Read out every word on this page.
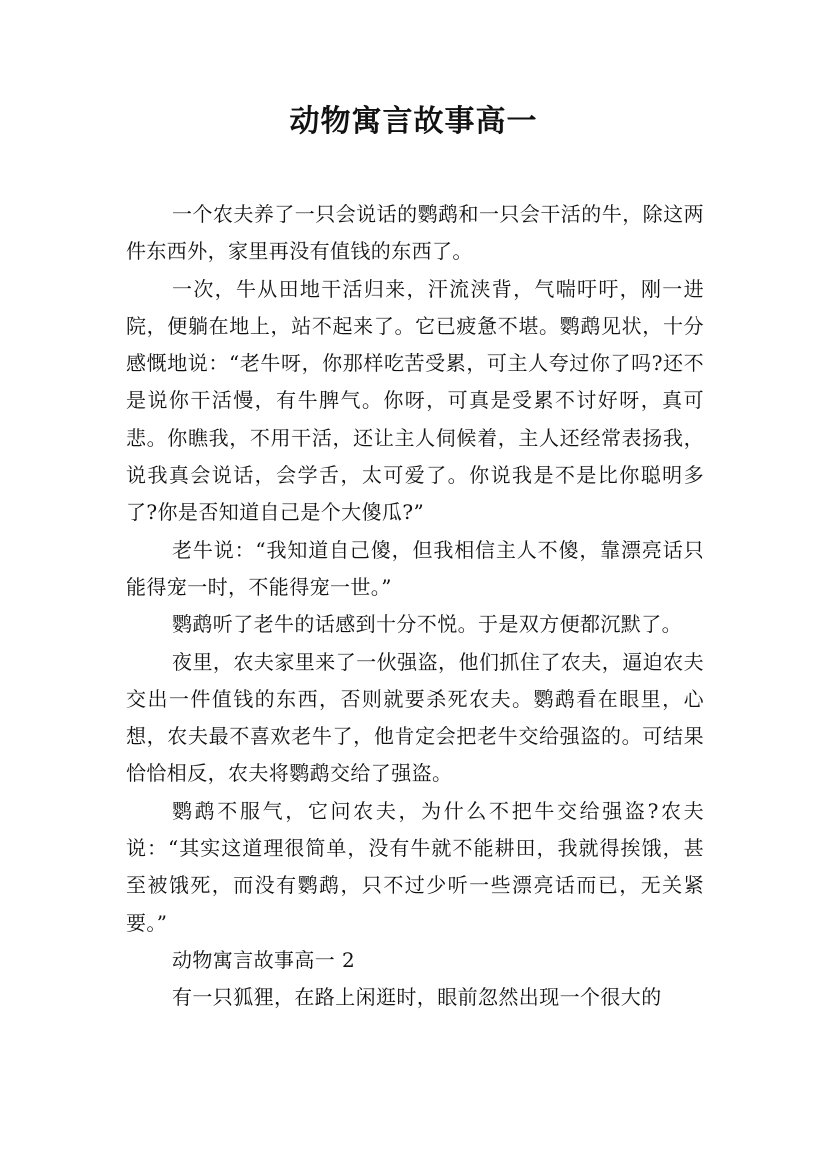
动物寓言故事高一

一个农夫养了一只会说话的鹦鹉和一只会干活的牛，除这两件东西外，家里再没有值钱的东西了。

一次，牛从田地干活归来，汗流浃背，气喘吁吁，刚一进院，便躺在地上，站不起来了。它已疲惫不堪。鹦鹉见状，十分感慨地说：“老牛呀，你那样吃苦受累，可主人夸过你了吗?还不是说你干活慢，有牛脾气。你呀，可真是受累不讨好呀，真可悲。你瞧我，不用干活，还让主人伺候着，主人还经常表扬我，说我真会说话，会学舌，太可爱了。你说我是不是比你聪明多了?你是否知道自己是个大傻瓜?”

老牛说：“我知道自己傻，但我相信主人不傻，靠漂亮话只能得宠一时，不能得宠一世。”

鹦鹉听了老牛的话感到十分不悦。于是双方便都沉默了。

夜里，农夫家里来了一伙强盗，他们抓住了农夫，逼迫农夫交出一件值钱的东西，否则就要杀死农夫。鹦鹉看在眼里，心想，农夫最不喜欢老牛了，他肯定会把老牛交给强盗的。可结果恰恰相反，农夫将鹦鹉交给了强盗。

鹦鹉不服气，它问农夫，为什么不把牛交给强盗?农夫说：“其实这道理很简单，没有牛就不能耕田，我就得挨饿，甚至被饿死，而没有鹦鹉，只不过少听一些漂亮话而已，无关紧要。”

动物寓言故事高一 2

有一只狐狸，在路上闲逛时，眼前忽然出现一个很大的
